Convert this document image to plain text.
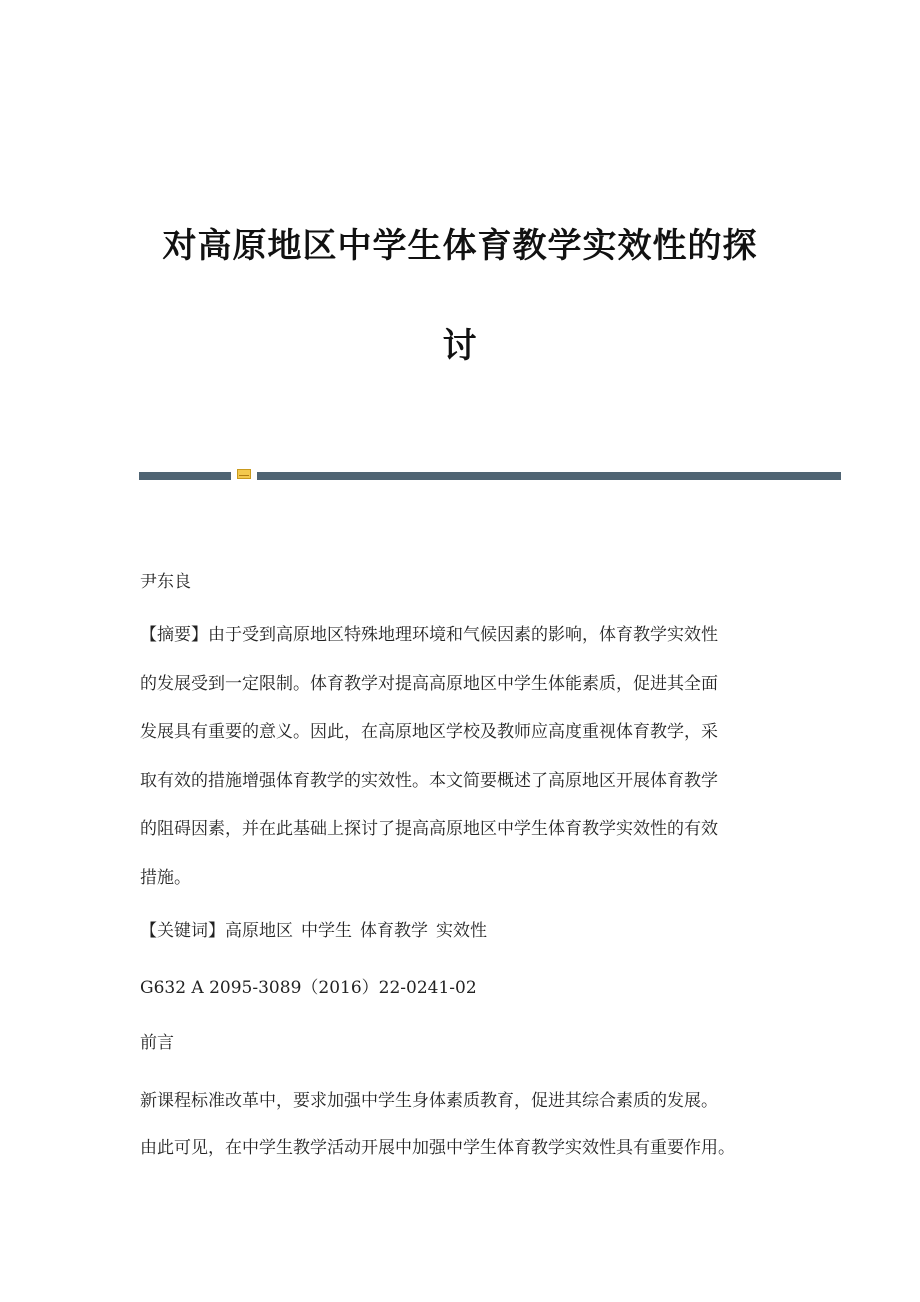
对高原地区中学生体育教学实效性的探
讨

尹东良

【摘要】由于受到高原地区特殊地理环境和气候因素的影响，体育教学实效性
的发展受到一定限制。体育教学对提高高原地区中学生体能素质，促进其全面
发展具有重要的意义。因此，在高原地区学校及教师应高度重视体育教学，采
取有效的措施增强体育教学的实效性。本文简要概述了高原地区开展体育教学
的阻碍因素，并在此基础上探讨了提高高原地区中学生体育教学实效性的有效
措施。

【关键词】高原地区 中学生 体育教学 实效性

G632 A 2095-3089（2016）22-0241-02

前言

新课程标准改革中，要求加强中学生身体素质教育，促进其综合素质的发展。

由此可见，在中学生教学活动开展中加强中学生体育教学实效性具有重要作用。
